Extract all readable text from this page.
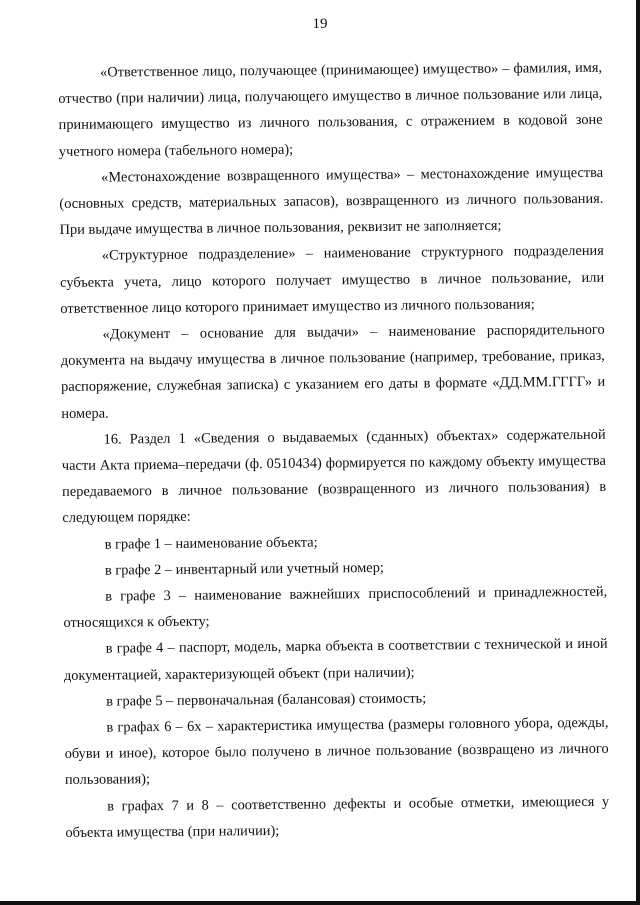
19

«Ответственное лицо, получающее (принимающее) имущество» – фамилия, имя, отчество (при наличии) лица, получающего имущество в личное пользование или лица, принимающего имущество из личного пользования, с отражением в кодовой зоне учетного номера (табельного номера);

«Местонахождение возвращенного имущества» – местонахождение имущества (основных средств, материальных запасов), возвращенного из личного пользования. При выдаче имущества в личное пользования, реквизит не заполняется;

«Структурное подразделение» – наименование структурного подразделения субъекта учета, лицо которого получает имущество в личное пользование, или ответственное лицо которого принимает имущество из личного пользования;

«Документ – основание для выдачи» – наименование распорядительного документа на выдачу имущества в личное пользование (например, требование, приказ, распоряжение, служебная записка) с указанием его даты в формате «ДД.ММ.ГГГГ» и номера.

16. Раздел 1 «Сведения о выдаваемых (сданных) объектах» содержательной части Акта приема–передачи (ф. 0510434) формируется по каждому объекту имущества передаваемого в личное пользование (возвращенного из личного пользования) в следующем порядке:

в графе 1 – наименование объекта;

в графе 2 – инвентарный или учетный номер;

в графе 3 – наименование важнейших приспособлений и принадлежностей, относящихся к объекту;

в графе 4 – паспорт, модель, марка объекта в соответствии с технической и иной документацией, характеризующей объект (при наличии);

в графе 5 – первоначальная (балансовая) стоимость;

в графах 6 – 6х – характеристика имущества (размеры головного убора, одежды, обуви и иное), которое было получено в личное пользование (возвращено из личного пользования);

в графах 7 и 8 – соответственно дефекты и особые отметки, имеющиеся у объекта имущества (при наличии);
